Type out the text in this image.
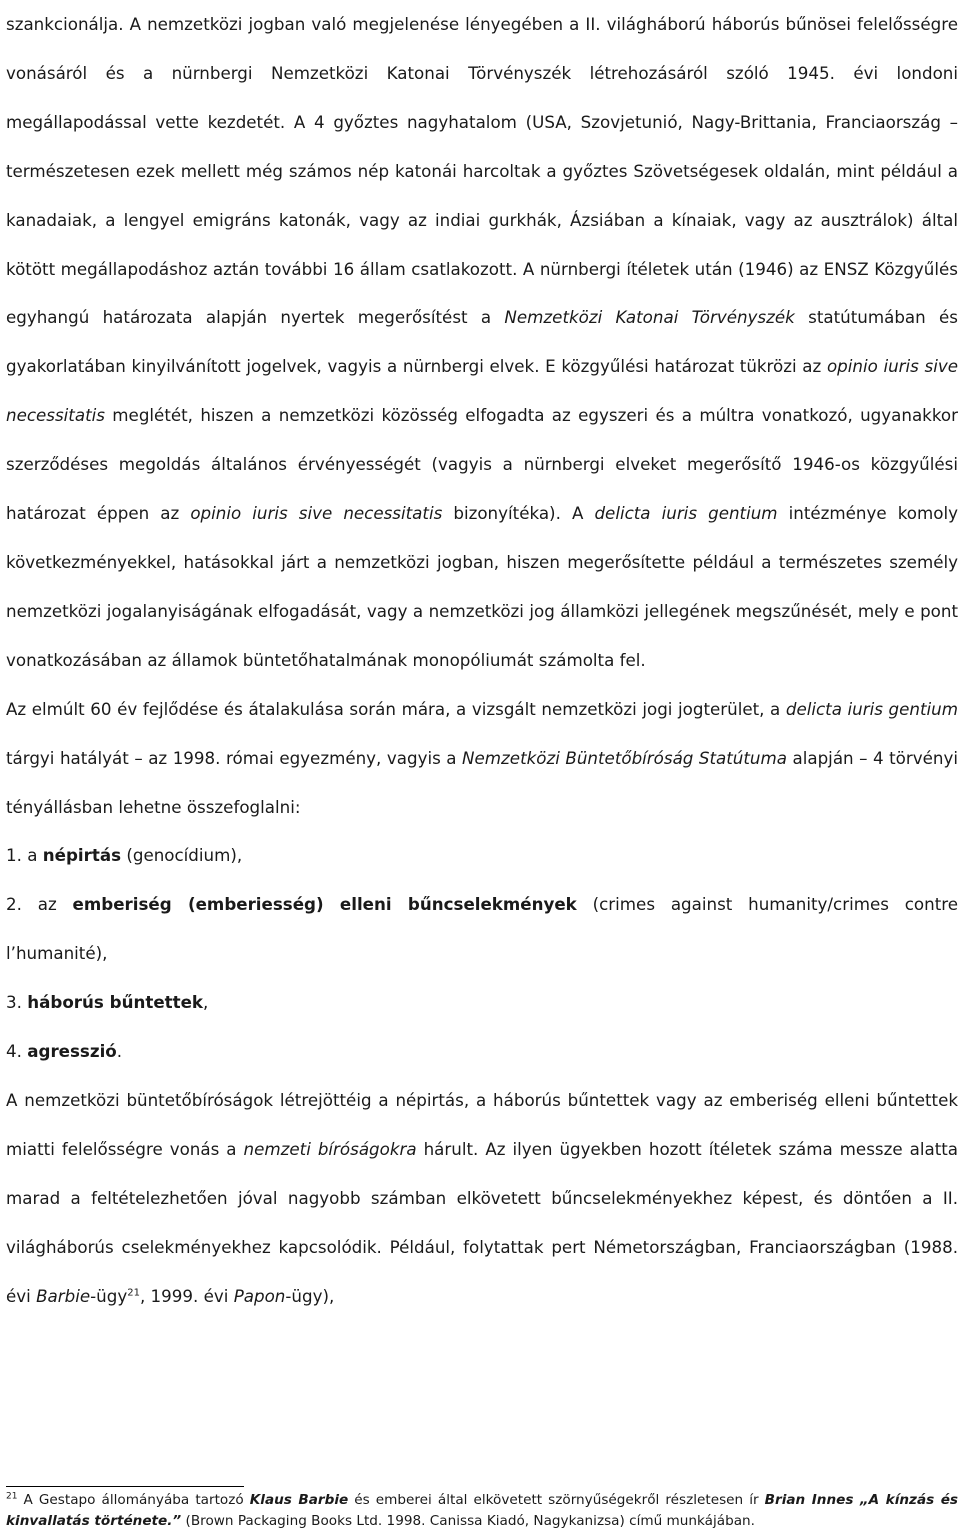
szankcionálja. A nemzetközi jogban való megjelenése lényegében a II. világháború háborús bűnösei felelősségre vonásáról és a nürnbergi Nemzetközi Katonai Törvényszék létrehozásáról szóló 1945. évi londoni megállapodással vette kezdetét. A 4 győztes nagyhatalom (USA, Szovjetunió, Nagy-Brittania, Franciaország – természetesen ezek mellett még számos nép katonái harcoltak a győztes Szövetségesek oldalán, mint például a kanadaiak, a lengyel emigráns katonák, vagy az indiai gurkhák, Ázsiában a kínaiak, vagy az ausztrálok) által kötött megállapodáshoz aztán további 16 állam csatlakozott. A nürnbergi ítéletek után (1946) az ENSZ Közgyűlés egyhangú határozata alapján nyertek megerősítést a Nemzetközi Katonai Törvényszék statútumában és gyakorlatában kinyilvánított jogelvek, vagyis a nürnbergi elvek. E közgyűlési határozat tükrözi az opinio iuris sive necessitatis meglétét, hiszen a nemzetközi közösség elfogadta az egyszeri és a múltra vonatkozó, ugyanakkor szerződéses megoldás általános érvényességét (vagyis a nürnbergi elveket megerősítő 1946-os közgyűlési határozat éppen az opinio iuris sive necessitatis bizonyítéka). A delicta iuris gentium intézménye komoly következményekkel, hatásokkal járt a nemzetközi jogban, hiszen megerősítette például a természetes személy nemzetközi jogalanyiságának elfogadását, vagy a nemzetközi jog államközi jellegének megszűnését, mely e pont vonatkozásában az államok büntetőhatalmának monopóliumát számolta fel.

Az elmúlt 60 év fejlődése és átalakulása során mára, a vizsgált nemzetközi jogi jogterület, a delicta iuris gentium tárgyi hatályát – az 1998. római egyezmény, vagyis a Nemzetközi Büntetőbíróság Statútuma alapján – 4 törvényi tényállásban lehetne összefoglalni:

1. a népirtás (genocídium),

2. az emberiség (emberiesség) elleni bűncselekmények (crimes against humanity/crimes contre l’humanité),

3. háborús bűntettek,

4. agresszió.

A nemzetközi büntetőbíróságok létrejöttéig a népirtás, a háborús bűntettek vagy az emberiség elleni bűntettek miatti felelősségre vonás a nemzeti bíróságokra hárult. Az ilyen ügyekben hozott ítéletek száma messze alatta marad a feltételezhetően jóval nagyobb számban elkövetett bűncselekményekhez képest, és döntően a II. világháborús cselekményekhez kapcsolódik. Például, folytattak pert Németországban, Franciaországban (1988. évi Barbie-ügy$^{21}$, 1999. évi Papon-ügy),

$^{21}$ A Gestapo állományába tartozó Klaus Barbie és emberei által elkövetett szörnyűségekről részletesen ír Brian Innes „A kínzás és kinvallatás története.” (Brown Packaging Books Ltd. 1998. Canissa Kiadó, Nagykanizsa) című munkájában.
